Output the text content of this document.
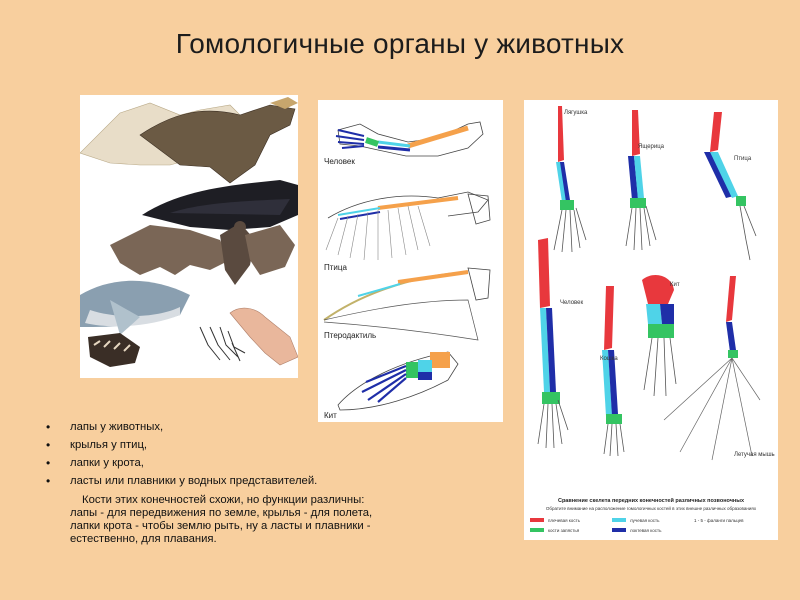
Гомологичные органы у животных
Человек
Птица
Птеродактиль
Кит
Лягушка
Ящерица
Птица
Человек
Кошка
Кит
Летучая мышь
Сравнение скелета передних конечностей различных позвоночных
Обратите внимание на расположение гомологичных костей в этих внешне различных образованиях
плечевая кость	лучевая кость	1 - 5 - фаланги пальцев
кости запястья	локтевая кость
• лапы у животных,
• крылья у птиц,
• лапки у крота,
• ласты или плавники у водных представителей.
Кости этих конечностей схожи, но функции различны: лапы - для передвижения по земле, крылья - для полета, лапки крота - чтобы землю рыть, ну а ласты и плавники - естественно, для плавания.
